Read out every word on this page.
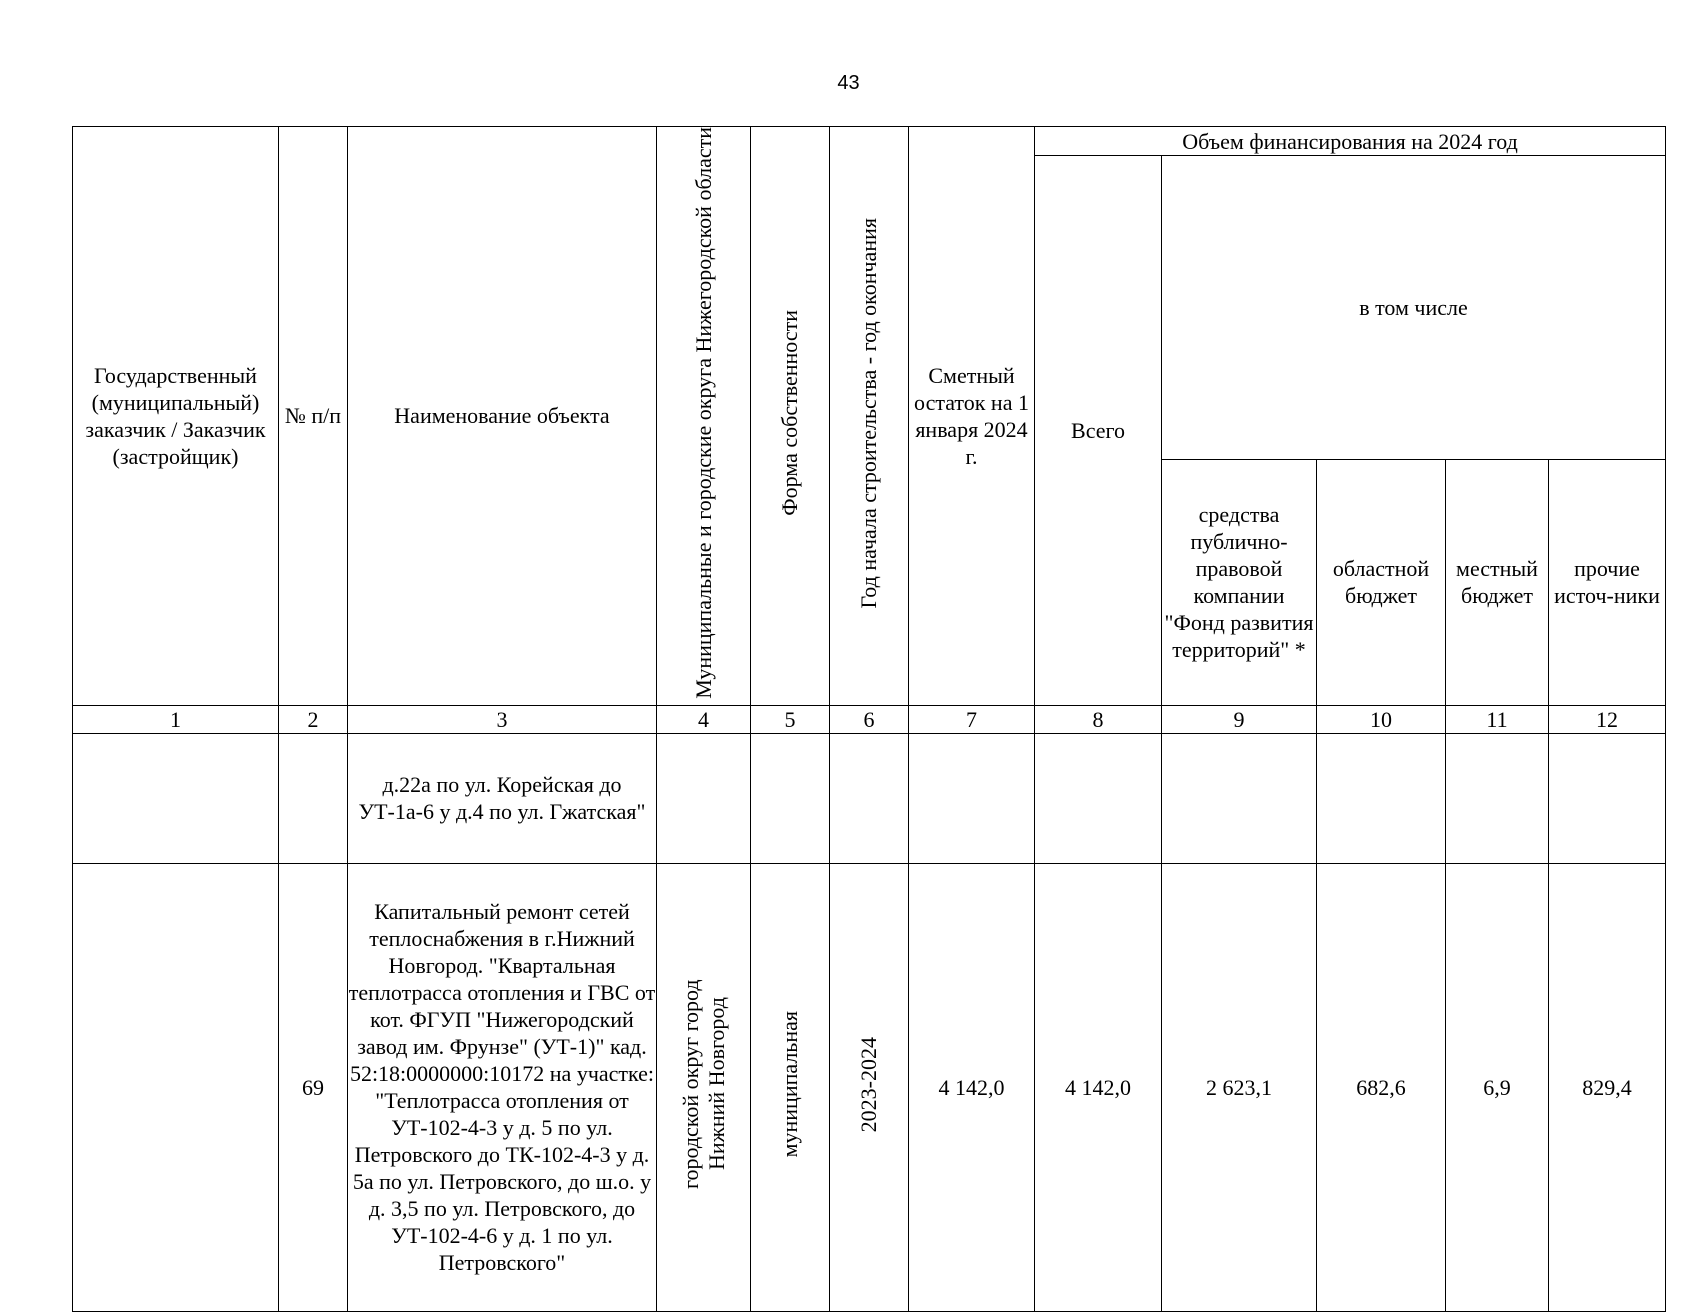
43
Государственный (муниципальный) заказчик / Заказчик (застройщик)	№ п/п	Наименование объекта	Муниципальные и городские округа Нижегородской области	Форма собственности	Год начала строительства - год окончания	Сметный остаток на 1 января 2024 г.	Объем финансирования на 2024 год				
							Всего	в том числе			
								средства публично-правовой компании "Фонд развития территорий" *	областной бюджет	местный бюджет	прочие источ-ники
1	2	3	4	5	6	7	8	9	10	11	12
		д.22а по ул. Корейская до УТ-1а-6 у д.4 по ул. Гжатская"									
	69	Капитальный ремонт сетей теплоснабжения в г.Нижний Новгород. "Квартальная теплотрасса отопления и ГВС от кот. ФГУП "Нижегородский завод им. Фрунзе" (УТ-1)" кад. 52:18:0000000:10172 на участке: "Теплотрасса отопления от УТ-102-4-3 у д. 5 по ул. Петровского до ТК-102-4-3 у д. 5а по ул. Петровского, до ш.о. у д. 3,5 по ул. Петровского, до УТ-102-4-6 у д. 1 по ул. Петровского"	городской округ город Нижний Новгород	муниципальная	2023-2024	4 142,0	4 142,0	2 623,1	682,6	6,9	829,4
